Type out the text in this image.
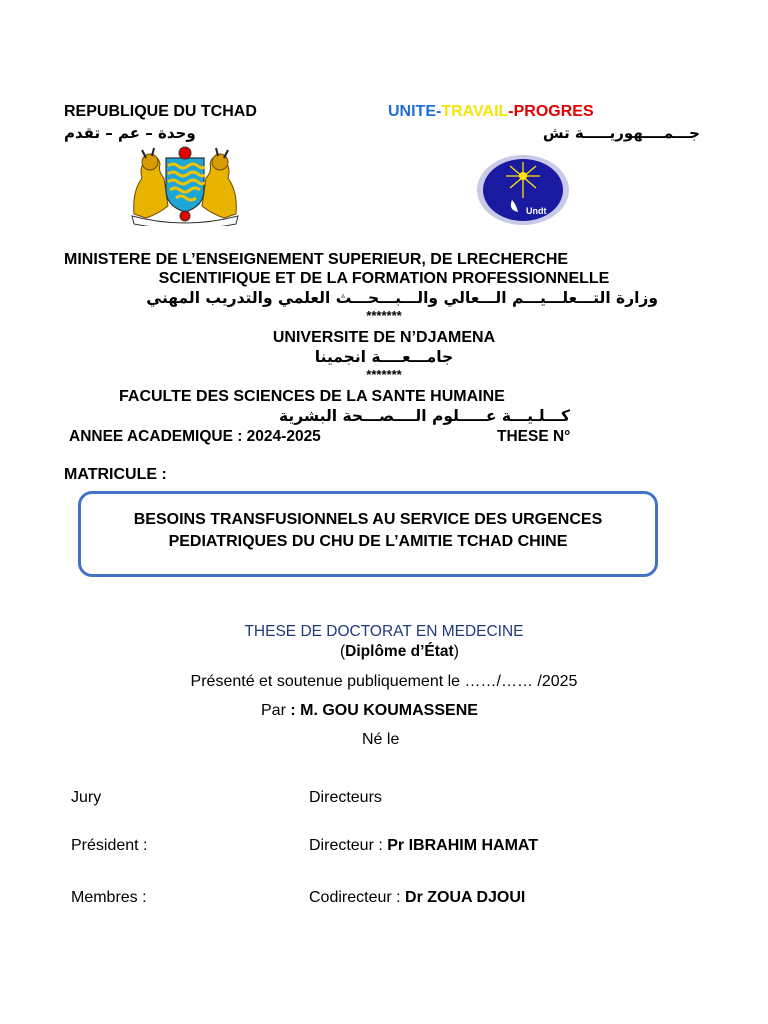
REPUBLIQUE DU TCHAD
وحدة – عم – تقدم
UNITE-TRAVAIL-PROGRES
جـــمــــهوريـــــة تش
Undt
MINISTERE DE L’ENSEIGNEMENT SUPERIEUR, DE LRECHERCHE
SCIENTIFIQUE ET DE LA FORMATION PROFESSIONNELLE
وزارة التـــعلـــيـــم الـــعالي والـــبـــحـــث العلمي والتدريب المهني
*******
UNIVERSITE DE N’DJAMENA
جامـــعــــة انجمينا
*******
FACULTE DES SCIENCES DE LA SANTE HUMAINE
كـــلـيـــة عـــــلوم الــــصـــحة البشرية
ANNEE ACADEMIQUE : 2024-2025	THESE N°
MATRICULE :

BESOINS TRANSFUSIONNELS AU SERVICE DES URGENCES

PEDIATRIQUES DU CHU DE L’AMITIE TCHAD CHINE

THESE DE DOCTORAT EN MEDECINE
(Diplôme d’État)
Présenté et soutenue publiquement le ……/…… /2025
Par : M. GOU KOUMASSENE
Né le
Jury	Directeurs
Président :	Directeur : Pr IBRAHIM HAMAT
Membres :	Codirecteur : Dr ZOUA DJOUI
